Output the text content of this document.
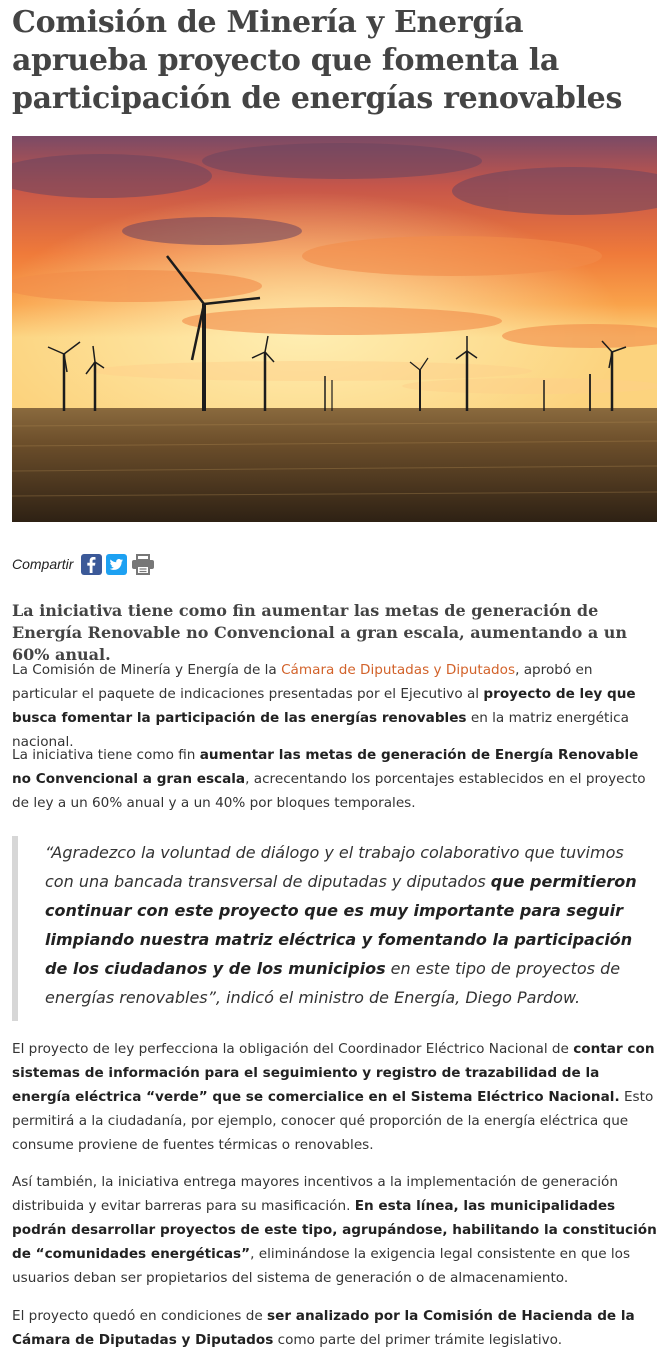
Comisión de Minería y Energía aprueba proyecto que fomenta la participación de energías renovables
Compartir

La iniciativa tiene como fin aumentar las metas de generación de Energía Renovable no Convencional a gran escala, aumentando a un 60% anual.

La Comisión de Minería y Energía de la Cámara de Diputadas y Diputados, aprobó en particular el paquete de indicaciones presentadas por el Ejecutivo al proyecto de ley que busca fomentar la participación de las energías renovables en la matriz energética nacional.

La iniciativa tiene como fin aumentar las metas de generación de Energía Renovable no Convencional a gran escala, acrecentando los porcentajes establecidos en el proyecto de ley a un 60% anual y a un 40% por bloques temporales.

“Agradezco la voluntad de diálogo y el trabajo colaborativo que tuvimos con una bancada transversal de diputadas y diputados que permitieron continuar con este proyecto que es muy importante para seguir limpiando nuestra matriz eléctrica y fomentando la participación de los ciudadanos y de los municipios en este tipo de proyectos de energías renovables”, indicó el ministro de Energía, Diego Pardow.

El proyecto de ley perfecciona la obligación del Coordinador Eléctrico Nacional de contar con sistemas de información para el seguimiento y registro de trazabilidad de la energía eléctrica “verde” que se comercialice en el Sistema Eléctrico Nacional. Esto permitirá a la ciudadanía, por ejemplo, conocer qué proporción de la energía eléctrica que consume proviene de fuentes térmicas o renovables.

Así también, la iniciativa entrega mayores incentivos a la implementación de generación distribuida y evitar barreras para su masificación. En esta línea, las municipalidades podrán desarrollar proyectos de este tipo, agrupándose, habilitando la constitución de “comunidades energéticas”, eliminándose la exigencia legal consistente en que los usuarios deban ser propietarios del sistema de generación o de almacenamiento.

El proyecto quedó en condiciones de ser analizado por la Comisión de Hacienda de la Cámara de Diputadas y Diputados como parte del primer trámite legislativo.
